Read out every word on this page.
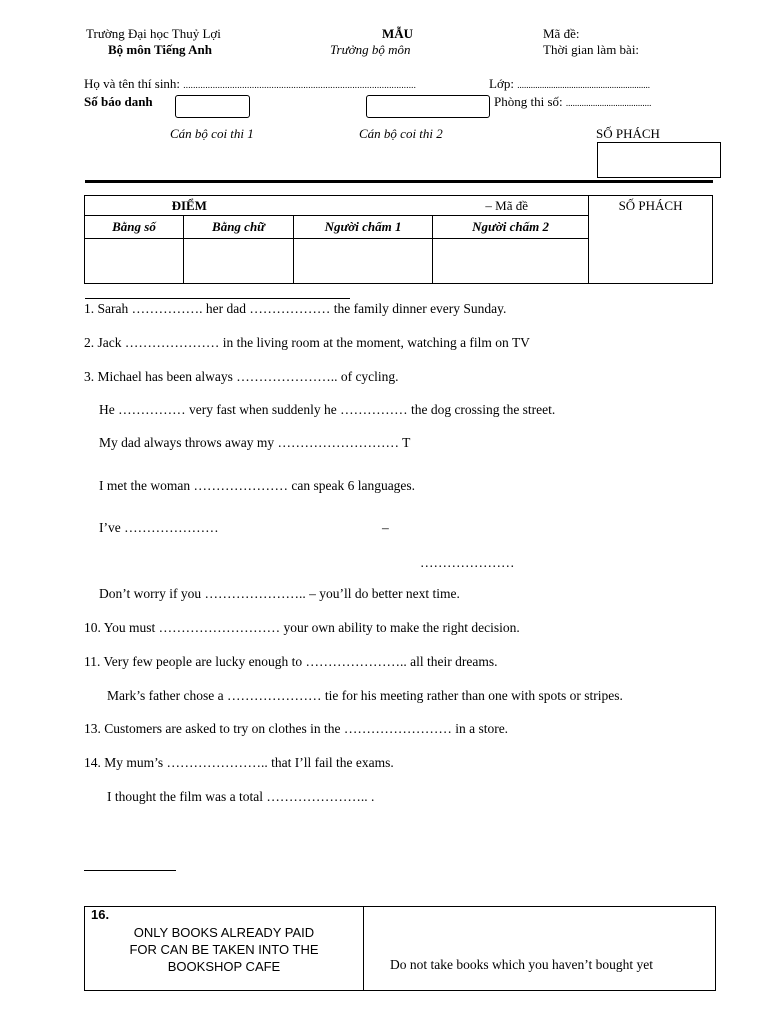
Trường Đại học Thuỷ Lợi
Bộ môn Tiếng Anh
MẪU
Trưởng bộ môn
Mã đề:
Thời gian làm bài:
Họ và tên thí sinh: ...............................................................................................	Lớp: ...........................................................
Số báo danh	Phòng thi số: ......................................
Cán bộ coi thi 1	Cán bộ coi thi 2	SỐ PHÁCH
ĐIỂM		– Mã đề		SỐ PHÁCH
Bằng số	Bằng chữ	Người chấm 1	Người chấm 2	

1. Sarah ……………. her dad ……………… the family dinner every Sunday.
2. Jack ………………… in the living room at the moment, watching a film on TV
3. Michael has been always ………………….. of cycling.
He …………… very fast when suddenly he …………… the dog crossing the street.
My dad always throws away my ……………………… T
I met the woman ………………… can speak 6 languages.
I’ve …………………	–
…………………
Don’t worry if you ………………….. – you’ll do better next time.
10. You must ……………………… your own ability to make the right decision.
11. Very few people are lucky enough to ………………….. all their dreams.
Mark’s father chose a ………………… tie for his meeting rather than one with spots or stripes.
13. Customers are asked to try on clothes in the …………………… in a store.
14. My mum’s ………………….. that I’ll fail the exams.
I thought the film was a total ………………….. .
16.
ONLY BOOKS ALREADY PAID
FOR CAN BE TAKEN INTO THE
BOOKSHOP CAFE	Do not take books which you haven’t bought yet
